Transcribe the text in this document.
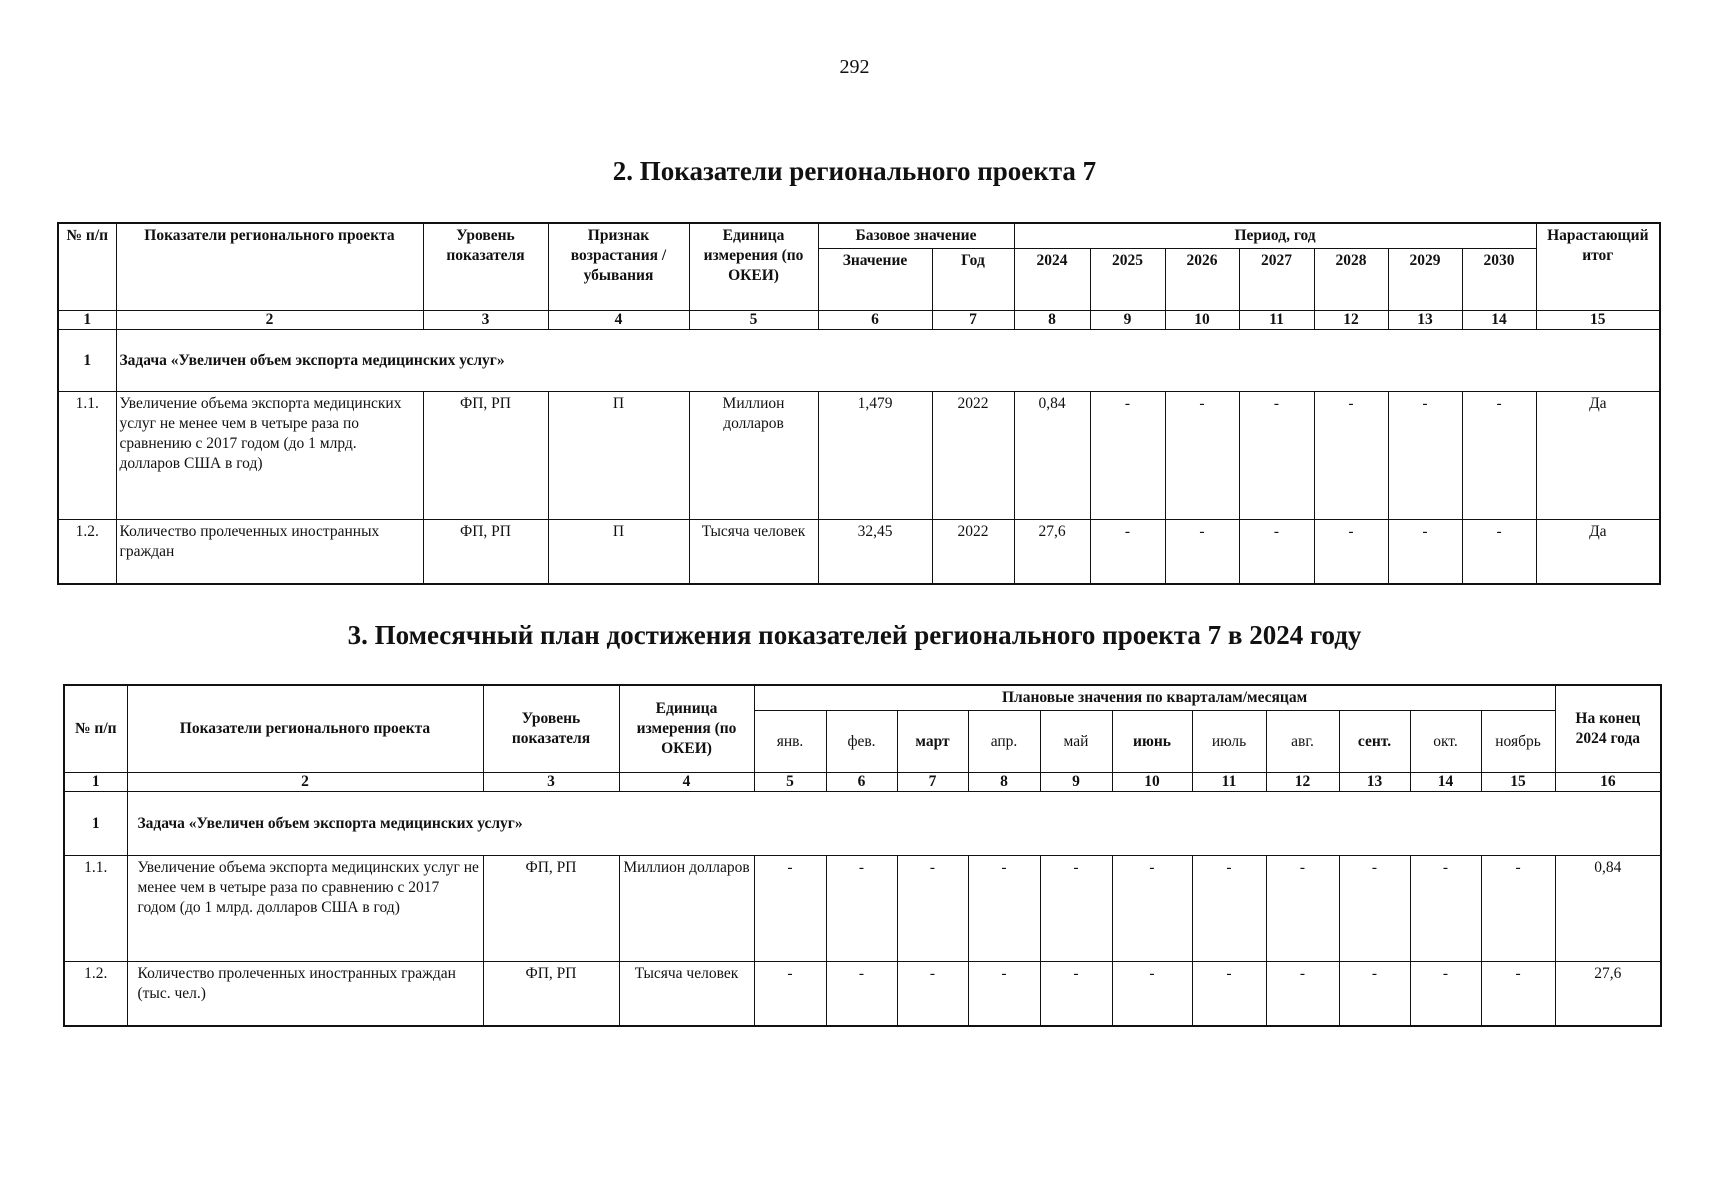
292
2. Показатели регионального проекта 7
№ п/п	Показатели регионального проекта	Уровень показателя	Признак возрастания / убывания	Единица измерения (по ОКЕИ)	Базовое значение		Период, год							Нарастающий итог
					Значение	Год	2024	2025	2026	2027	2028	2029	2030	
1	2	3	4	5	6	7	8	9	10	11	12	13	14	15
1	Задача «Увеличен объем экспорта медицинских услуг»													
1.1.	Увеличение объема экспорта медицинских услуг не менее чем в четыре раза по сравнению с 2017 годом (до 1 млрд. долларов США в год)	ФП, РП	П	Миллион долларов	1,479	2022	0,84	-	-	-	-	-	-	Да
1.2.	Количество пролеченных иностранных граждан	ФП, РП	П	Тысяча человек	32,45	2022	27,6	-	-	-	-	-	-	Да
3. Помесячный план достижения показателей регионального проекта 7 в 2024 году
№ п/п	Показатели регионального проекта	Уровень показателя	Единица измерения (по ОКЕИ)	Плановые значения по кварталам/месяцам											На конец 2024 года
				янв.	фев.	март	апр.	май	июнь	июль	авг.	сент.	окт.	ноябрь	
1	2	3	4	5	6	7	8	9	10	11	12	13	14	15	16
1	Задача «Увеличен объем экспорта медицинских услуг»														
1.1.	Увеличение объема экспорта медицинских услуг не менее чем в четыре раза по сравнению с 2017 годом (до 1 млрд. долларов США в год)	ФП, РП	Миллион долларов	-	-	-	-	-	-	-	-	-	-	-	0,84
1.2.	Количество пролеченных иностранных граждан (тыс. чел.)	ФП, РП	Тысяча человек	-	-	-	-	-	-	-	-	-	-	-	27,6
